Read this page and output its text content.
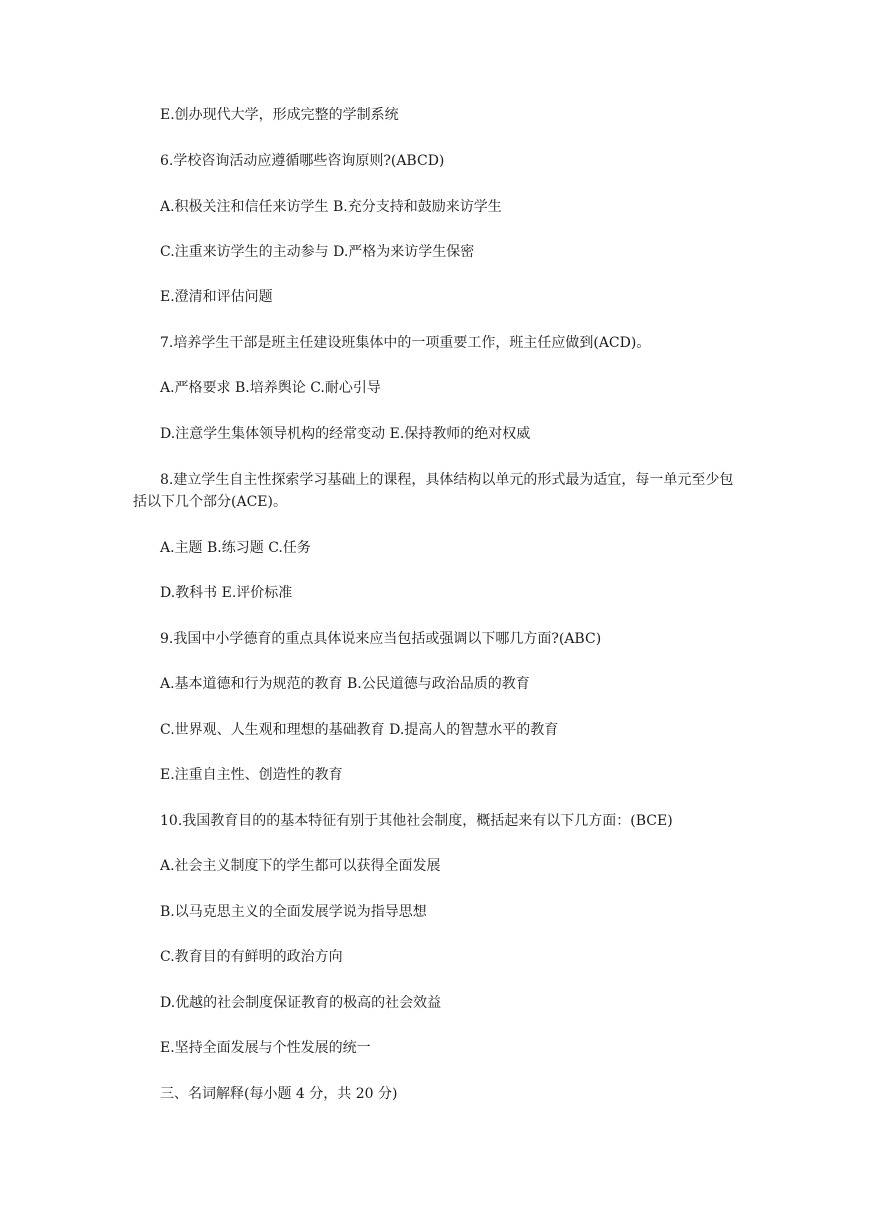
E.创办现代大学，形成完整的学制系统

6.学校咨询活动应遵循哪些咨询原则?(ABCD)

A.积极关注和信任来访学生 B.充分支持和鼓励来访学生

C.注重来访学生的主动参与 D.严格为来访学生保密

E.澄清和评估问题

7.培养学生干部是班主任建设班集体中的一项重要工作，班主任应做到(ACD)。

A.严格要求 B.培养舆论 C.耐心引导

D.注意学生集体领导机构的经常变动 E.保持教师的绝对权威

8.建立学生自主性探索学习基础上的课程，具体结构以单元的形式最为适宜，每一单元至少包括以下几个部分(ACE)。

A.主题 B.练习题 C.任务

D.教科书 E.评价标准

9.我国中小学德育的重点具体说来应当包括或强调以下哪几方面?(ABC)

A.基本道德和行为规范的教育 B.公民道德与政治品质的教育

C.世界观、人生观和理想的基础教育 D.提高人的智慧水平的教育

E.注重自主性、创造性的教育

10.我国教育目的的基本特征有别于其他社会制度，概括起来有以下几方面：(BCE)

A.社会主义制度下的学生都可以获得全面发展

B.以马克思主义的全面发展学说为指导思想

C.教育目的有鲜明的政治方向

D.优越的社会制度保证教育的极高的社会效益

E.坚持全面发展与个性发展的统一

三、名词解释(每小题 4 分，共 20 分)
